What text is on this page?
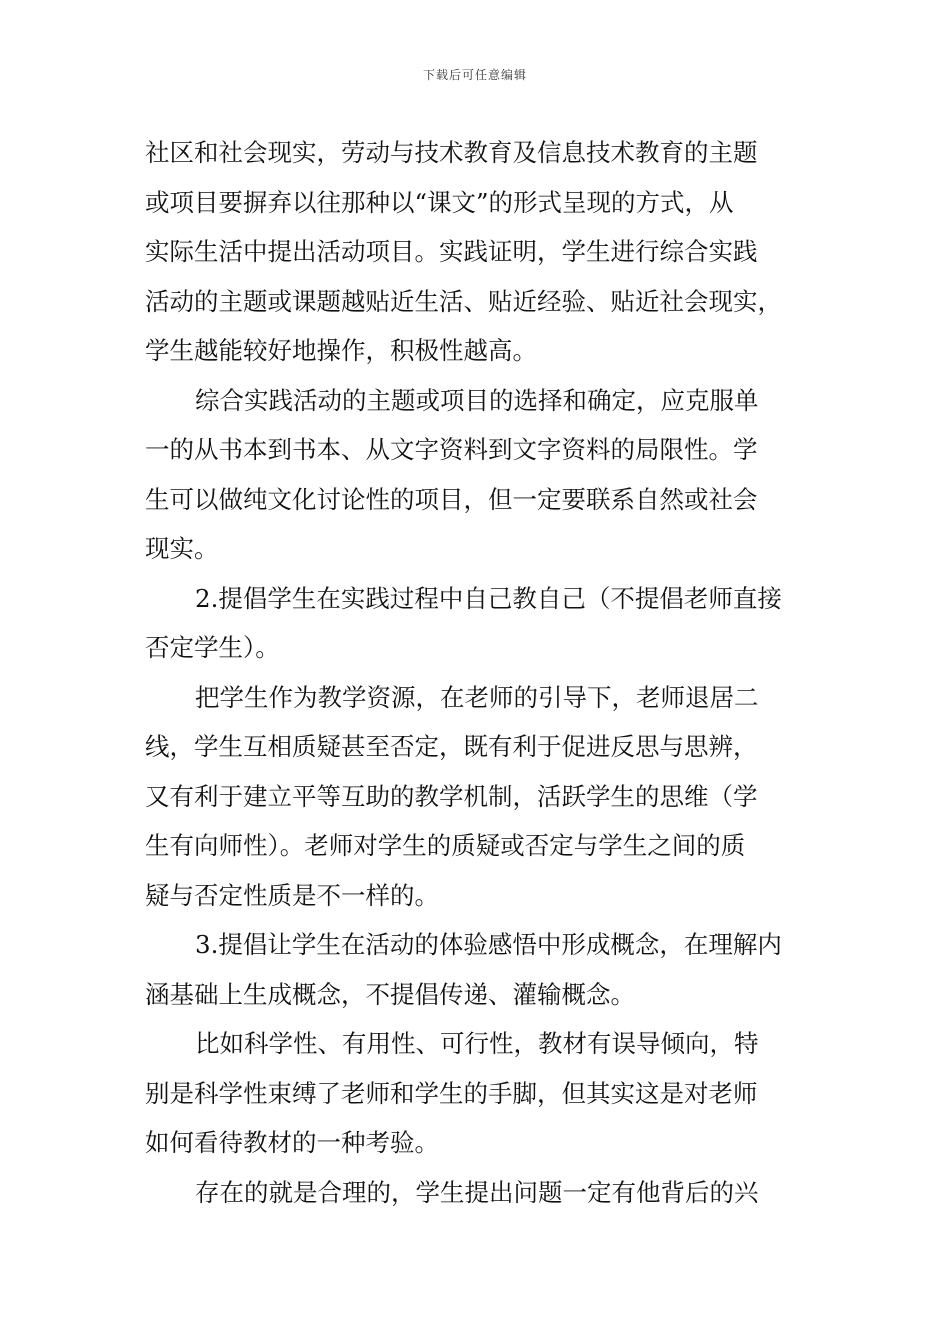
下载后可任意编辑
社区和社会现实，劳动与技术教育及信息技术教育的主题
或项目要摒弃以往那种以“课文”的形式呈现的方式，从
实际生活中提出活动项目。实践证明，学生进行综合实践
活动的主题或课题越贴近生活、贴近经验、贴近社会现实，
学生越能较好地操作，积极性越高。
综合实践活动的主题或项目的选择和确定，应克服单
一的从书本到书本、从文字资料到文字资料的局限性。学
生可以做纯文化讨论性的项目，但一定要联系自然或社会
现实。
2.提倡学生在实践过程中自己教自己（不提倡老师直接
否定学生）。
把学生作为教学资源，在老师的引导下，老师退居二
线，学生互相质疑甚至否定，既有利于促进反思与思辨，
又有利于建立平等互助的教学机制，活跃学生的思维（学
生有向师性）。老师对学生的质疑或否定与学生之间的质
疑与否定性质是不一样的。
3.提倡让学生在活动的体验感悟中形成概念，在理解内
涵基础上生成概念，不提倡传递、灌输概念。
比如科学性、有用性、可行性，教材有误导倾向，特
别是科学性束缚了老师和学生的手脚，但其实这是对老师
如何看待教材的一种考验。
存在的就是合理的，学生提出问题一定有他背后的兴
